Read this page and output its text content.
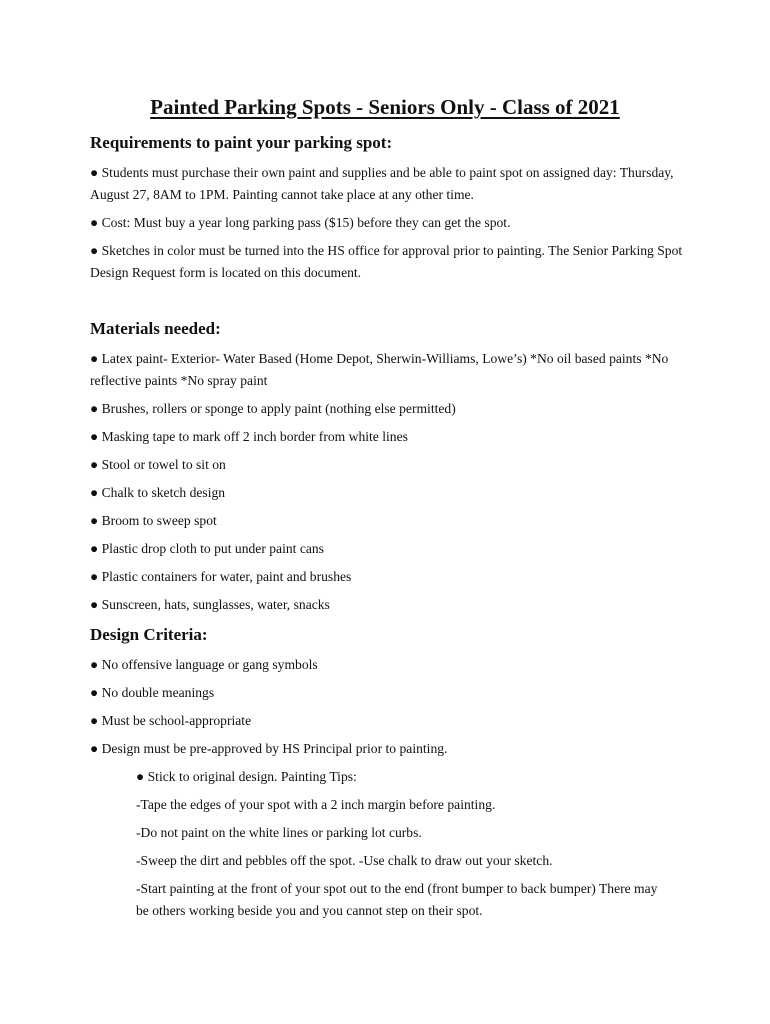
Painted Parking Spots - Seniors Only - Class of 2021
Requirements to paint your parking spot:

● Students must purchase their own paint and supplies and be able to paint spot on assigned day: Thursday, August 27, 8AM to 1PM. Painting cannot take place at any other time.

● Cost: Must buy a year long parking pass ($15) before they can get the spot.

● Sketches in color must be turned into the HS office for approval prior to painting. The Senior Parking Spot Design Request form is located on this document.

Materials needed:

● Latex paint- Exterior- Water Based (Home Depot, Sherwin-Williams, Lowe’s) *No oil based paints *No reflective paints *No spray paint

● Brushes, rollers or sponge to apply paint (nothing else permitted)

● Masking tape to mark off 2 inch border from white lines

● Stool or towel to sit on

● Chalk to sketch design

● Broom to sweep spot

● Plastic drop cloth to put under paint cans

● Plastic containers for water, paint and brushes

● Sunscreen, hats, sunglasses, water, snacks

Design Criteria:

● No offensive language or gang symbols

● No double meanings

● Must be school-appropriate

● Design must be pre-approved by HS Principal prior to painting.

● Stick to original design. Painting Tips:

-Tape the edges of your spot with a 2 inch margin before painting.

-Do not paint on the white lines or parking lot curbs.

-Sweep the dirt and pebbles off the spot. -Use chalk to draw out your sketch.

-Start painting at the front of your spot out to the end (front bumper to back bumper) There may be others working beside you and you cannot step on their spot.
